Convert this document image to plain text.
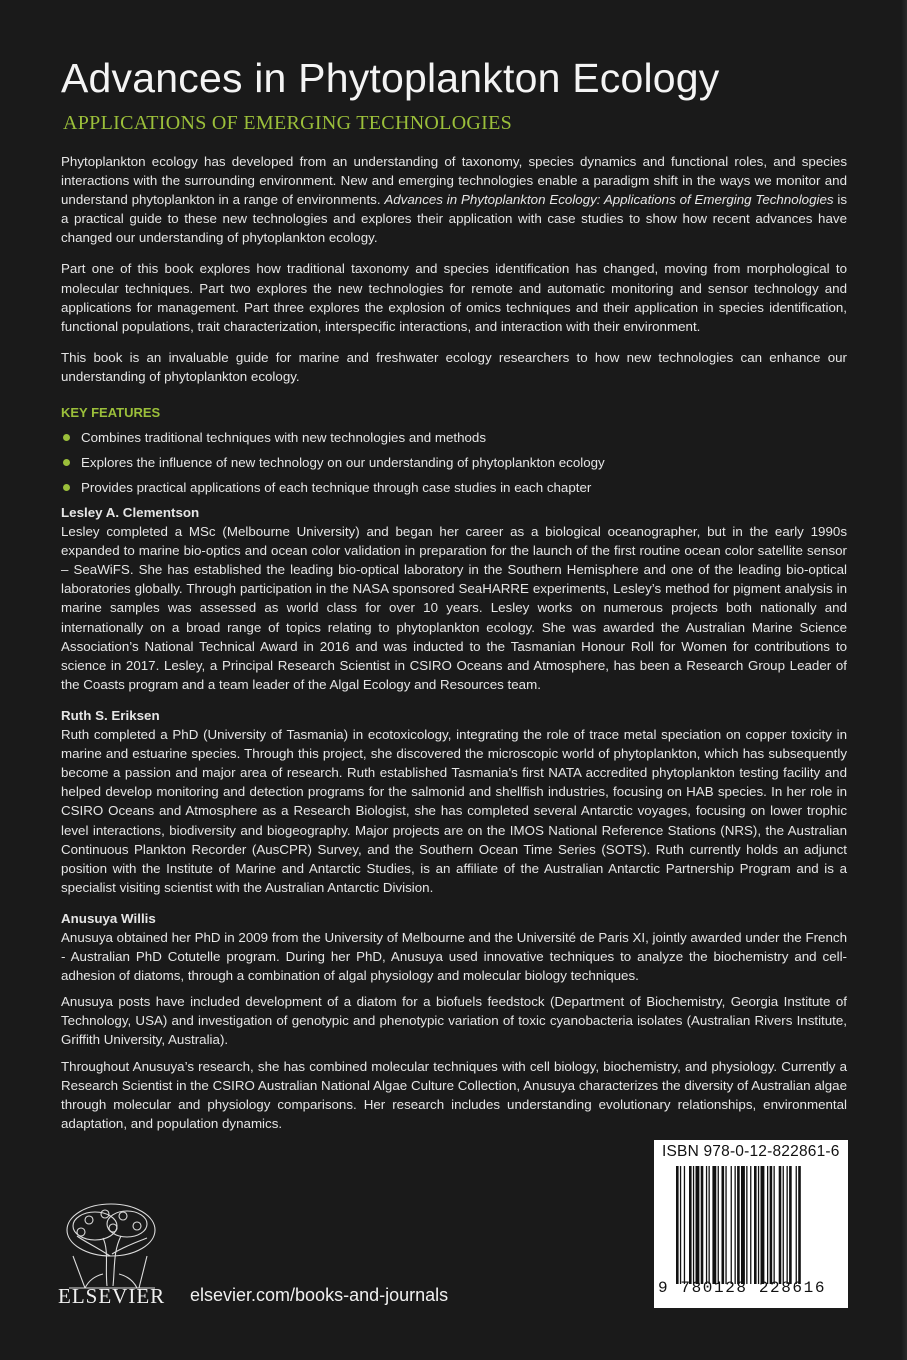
Advances in Phytoplankton Ecology
APPLICATIONS OF EMERGING TECHNOLOGIES

Phytoplankton ecology has developed from an understanding of taxonomy, species dynamics and functional roles, and species interactions with the surrounding environment. New and emerging technologies enable a paradigm shift in the ways we monitor and understand phytoplankton in a range of environments. Advances in Phytoplankton Ecology: Applications of Emerging Technologies is a practical guide to these new technologies and explores their application with case studies to show how recent advances have changed our understanding of phytoplankton ecology.

Part one of this book explores how traditional taxonomy and species identification has changed, moving from morphological to molecular techniques. Part two explores the new technologies for remote and automatic monitoring and sensor technology and applications for management. Part three explores the explosion of omics techniques and their application in species identification, functional populations, trait characterization, interspecific interactions, and interaction with their environment.

This book is an invaluable guide for marine and freshwater ecology researchers to how new technologies can enhance our understanding of phytoplankton ecology.

KEY FEATURES
Combines traditional techniques with new technologies and methods
Explores the influence of new technology on our understanding of phytoplankton ecology
Provides practical applications of each technique through case studies in each chapter
Lesley A. Clementson

Lesley completed a MSc (Melbourne University) and began her career as a biological oceanographer, but in the early 1990s expanded to marine bio-optics and ocean color validation in preparation for the launch of the first routine ocean color satellite sensor – SeaWiFS. She has established the leading bio-optical laboratory in the Southern Hemisphere and one of the leading bio-optical laboratories globally. Through participation in the NASA sponsored SeaHARRE experiments, Lesley’s method for pigment analysis in marine samples was assessed as world class for over 10 years. Lesley works on numerous projects both nationally and internationally on a broad range of topics relating to phytoplankton ecology. She was awarded the Australian Marine Science Association’s National Technical Award in 2016 and was inducted to the Tasmanian Honour Roll for Women for contributions to science in 2017. Lesley, a Principal Research Scientist in CSIRO Oceans and Atmosphere, has been a Research Group Leader of the Coasts program and a team leader of the Algal Ecology and Resources team.

Ruth S. Eriksen

Ruth completed a PhD (University of Tasmania) in ecotoxicology, integrating the role of trace metal speciation on copper toxicity in marine and estuarine species. Through this project, she discovered the microscopic world of phytoplankton, which has subsequently become a passion and major area of research. Ruth established Tasmania's first NATA accredited phytoplankton testing facility and helped develop monitoring and detection programs for the salmonid and shellfish industries, focusing on HAB species. In her role in CSIRO Oceans and Atmosphere as a Research Biologist, she has completed several Antarctic voyages, focusing on lower trophic level interactions, biodiversity and biogeography. Major projects are on the IMOS National Reference Stations (NRS), the Australian Continuous Plankton Recorder (AusCPR) Survey, and the Southern Ocean Time Series (SOTS). Ruth currently holds an adjunct position with the Institute of Marine and Antarctic Studies, is an affiliate of the Australian Antarctic Partnership Program and is a specialist visiting scientist with the Australian Antarctic Division.

Anusuya Willis

Anusuya obtained her PhD in 2009 from the University of Melbourne and the Université de Paris XI, jointly awarded under the French - Australian PhD Cotutelle program. During her PhD, Anusuya used innovative techniques to analyze the biochemistry and cell-adhesion of diatoms, through a combination of algal physiology and molecular biology techniques.

Anusuya posts have included development of a diatom for a biofuels feedstock (Department of Biochemistry, Georgia Institute of Technology, USA) and investigation of genotypic and phenotypic variation of toxic cyanobacteria isolates (Australian Rivers Institute, Griffith University, Australia).

Throughout Anusuya’s research, she has combined molecular techniques with cell biology, biochemistry, and physiology. Currently a Research Scientist in the CSIRO Australian National Algae Culture Collection, Anusuya characterizes the diversity of Australian algae through molecular and physiology comparisons. Her research includes understanding evolutionary relationships, environmental adaptation, and population dynamics.

ELSEVIER elsevier.com/books-and-journals
ISBN 978-0-12-822861-6
9 780128 228616
